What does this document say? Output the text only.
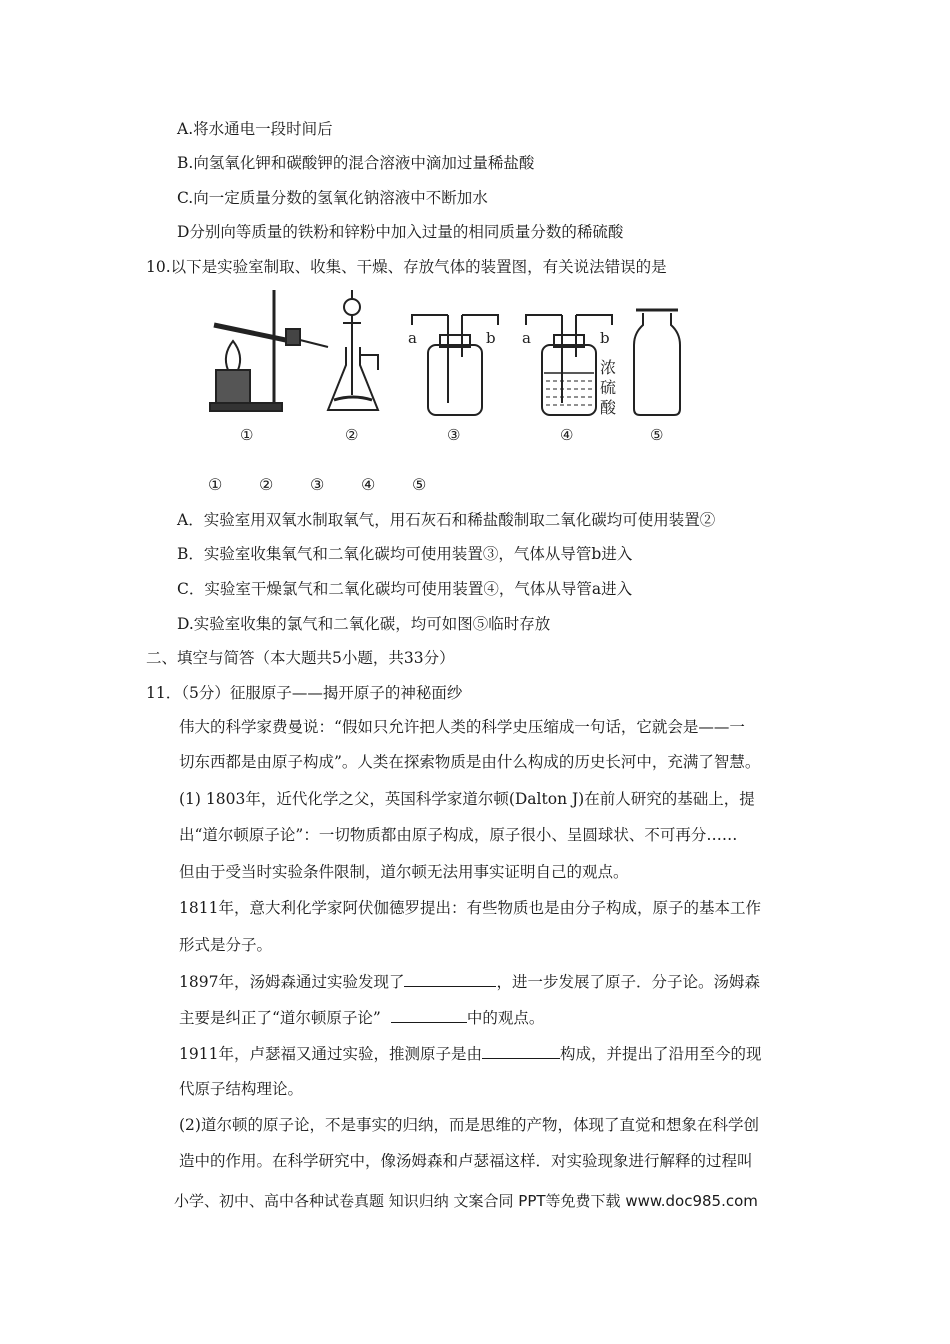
A.将水通电一段时间后
B.向氢氧化钾和碳酸钾的混合溶液中滴加过量稀盐酸
C.向一定质量分数的氢氧化钠溶液中不断加水
D分别向等质量的铁粉和锌粉中加入过量的相同质量分数的稀硫酸
10.以下是实验室制取、收集、干燥、存放气体的装置图，有关说法错误的是
a	b a	b
浓
硫
酸
①	②	③	④	⑤
① ② ③ ④ ⑤
A．实验室用双氧水制取氧气，用石灰石和稀盐酸制取二氧化碳均可使用装置②
B．实验室收集氧气和二氧化碳均可使用装置③，气体从导管b进入
C．实验室干燥氯气和二氧化碳均可使用装置④，气体从导管a进入
D.实验室收集的氯气和二氧化碳，均可如图⑤临时存放
二、填空与简答（本大题共5小题，共33分）
11．（5分）征服原子——揭开原子的神秘面纱
伟大的科学家费曼说：“假如只允许把人类的科学史压缩成一句话，它就会是——一
切东西都是由原子构成”。人类在探索物质是由什么构成的历史长河中，充满了智慧。
(1) 1803年，近代化学之父，英国科学家道尔顿(Dalton J)在前人研究的基础上，提
出“道尔顿原子论”：一切物质都由原子构成，原子很小、呈圆球状、不可再分……
但由于受当时实验条件限制，道尔顿无法用事实证明自己的观点。
1811年，意大利化学家阿伏伽德罗提出：有些物质也是由分子构成，原子的基本工作
形式是分子。
1897年，汤姆森通过实验发现了	，进一步发展了原子．分子论。汤姆森
主要是纠正了“道尔顿原子论”	中的观点。
1911年，卢瑟福又通过实验，推测原子是由	构成，并提出了沿用至今的现
代原子结构理论。
(2)道尔顿的原子论，不是事实的归纳，而是思维的产物，体现了直觉和想象在科学创
造中的作用。在科学研究中，像汤姆森和卢瑟福这样．对实验现象进行解释的过程叫
小学、初中、高中各种试卷真题 知识归纳 文案合同 PPT等免费下载 www.doc985.com
